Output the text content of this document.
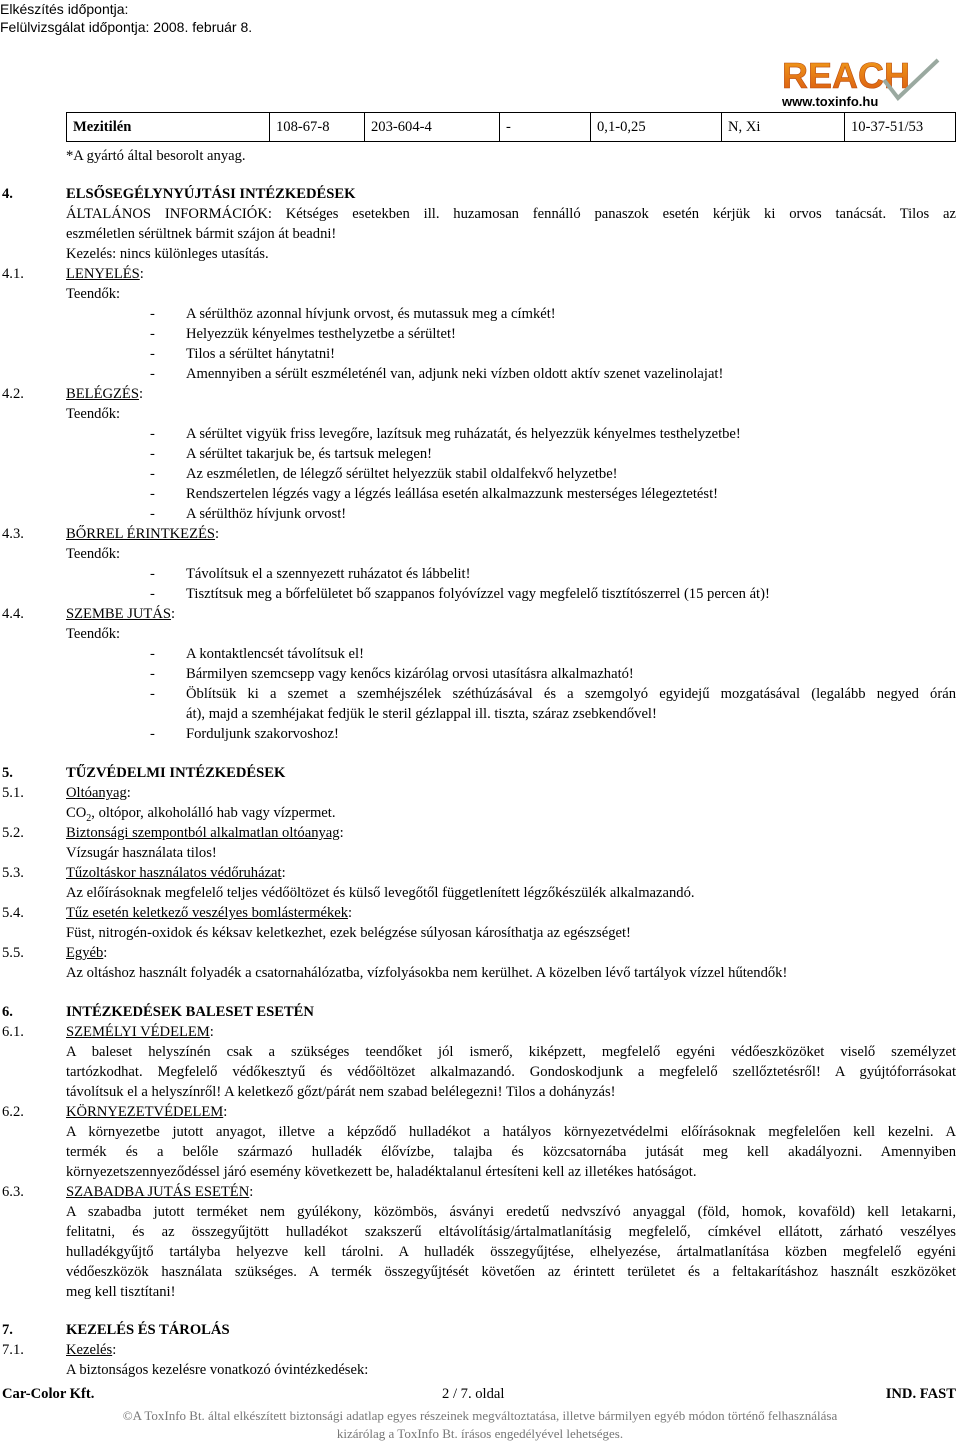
Elkészítés időpontja:
Felülvizsgálat időpontja: 2008. február 8.
REACH
www.toxinfo.hu
Mezitilén	108-67-8	203-604-4	-	0,1-0,25	N, Xi	10-37-51/53
*A gyártó által besorolt anyag.
4.	ELSŐSEGÉLYNYÚJTÁSI INTÉZKEDÉSEK
ÁLTALÁNOS INFORMÁCIÓK: Kétséges esetekben ill. huzamosan fennálló panaszok esetén kérjük ki orvos tanácsát. Tilos az
eszméletlen sérültnek bármit szájon át beadni!
Kezelés: nincs különleges utasítás.
4.1.	LENYELÉS:
Teendők:
- A sérülthöz azonnal hívjunk orvost, és mutassuk meg a címkét!
- Helyezzük kényelmes testhelyzetbe a sérültet!
- Tilos a sérültet hánytatni!
- Amennyiben a sérült eszméleténél van, adjunk neki vízben oldott aktív szenet vazelinolajat!
4.2.	BELÉGZÉS:
Teendők:
- A sérültet vigyük friss levegőre, lazítsuk meg ruházatát, és helyezzük kényelmes testhelyzetbe!
- A sérültet takarjuk be, és tartsuk melegen!
- Az eszméletlen, de lélegző sérültet helyezzük stabil oldalfekvő helyzetbe!
- Rendszertelen légzés vagy a légzés leállása esetén alkalmazzunk mesterséges lélegeztetést!
- A sérülthöz hívjunk orvost!
4.3.	BŐRREL ÉRINTKEZÉS:
Teendők:
- Távolítsuk el a szennyezett ruházatot és lábbelit!
- Tisztítsuk meg a bőrfelületet bő szappanos folyóvízzel vagy megfelelő tisztítószerrel (15 percen át)!
4.4.	SZEMBE JUTÁS:
Teendők:
- A kontaktlencsét távolítsuk el!
- Bármilyen szemcsepp vagy kenőcs kizárólag orvosi utasításra alkalmazható!
- Öblítsük ki a szemet a szemhéjszélek széthúzásával és a szemgolyó egyidejű mozgatásával (legalább negyed órán
át), majd a szemhéjakat fedjük le steril gézlappal ill. tiszta, száraz zsebkendővel!
- Forduljunk szakorvoshoz!
5.	TŰZVÉDELMI INTÉZKEDÉSEK
5.1.	Oltóanyag:
$CO_2$, oltópor, alkoholálló hab vagy vízpermet.
5.2.	Biztonsági szempontból alkalmatlan oltóanyag:
Vízsugár használata tilos!
5.3.	Tűzoltáskor használatos védőruházat:
Az előírásoknak megfelelő teljes védőöltözet és külső levegőtől függetlenített légzőkészülék alkalmazandó.
5.4.	Tűz esetén keletkező veszélyes bomlástermékek:
Füst, nitrogén-oxidok és kéksav keletkezhet, ezek belégzése súlyosan károsíthatja az egészséget!
5.5.	Egyéb:
Az oltáshoz használt folyadék a csatornahálózatba, vízfolyásokba nem kerülhet. A közelben lévő tartályok vízzel hűtendők!
6.	INTÉZKEDÉSEK BALESET ESETÉN
6.1.	SZEMÉLYI VÉDELEM:
A baleset helyszínén csak a szükséges teendőket jól ismerő, kiképzett, megfelelő egyéni védőeszközöket viselő személyzet
tartózkodhat. Megfelelő védőkesztyű és védőöltözet alkalmazandó. Gondoskodjunk a megfelelő szellőztetésről! A gyújtóforrásokat
távolítsuk el a helyszínről! A keletkező gőzt/párát nem szabad belélegezni! Tilos a dohányzás!
6.2.	KÖRNYEZETVÉDELEM:
A környezetbe jutott anyagot, illetve a képződő hulladékot a hatályos környezetvédelmi előírásoknak megfelelően kell kezelni. A
termék és a belőle származó hulladék élővízbe, talajba és közcsatornába jutását meg kell akadályozni. Amennyiben
környezetszennyeződéssel járó esemény következett be, haladéktalanul értesíteni kell az illetékes hatóságot.
6.3.	SZABADBA JUTÁS ESETÉN:
A szabadba jutott terméket nem gyúlékony, közömbös, ásványi eredetű nedvszívó anyaggal (föld, homok, kovaföld) kell letakarni,
felitatni, és az összegyűjtött hulladékot szakszerű eltávolításig/ártalmatlanításig megfelelő, címkével ellátott, zárható veszélyes
hulladékgyűjtő tartályba helyezve kell tárolni. A hulladék összegyűjtése, elhelyezése, ártalmatlanítása közben megfelelő egyéni
védőeszközök használata szükséges. A termék összegyűjtését követően az érintett területet és a feltakarításhoz használt eszközöket
meg kell tisztítani!
7.	KEZELÉS ÉS TÁROLÁS
7.1.	Kezelés:
A biztonságos kezelésre vonatkozó óvintézkedések:
Car-Color Kft.	2 / 7. oldal	IND. FAST
©A ToxInfo Bt. által elkészített biztonsági adatlap egyes részeinek megváltoztatása, illetve bármilyen egyéb módon történő felhasználása
kizárólag a ToxInfo Bt. írásos engedélyével lehetséges.
